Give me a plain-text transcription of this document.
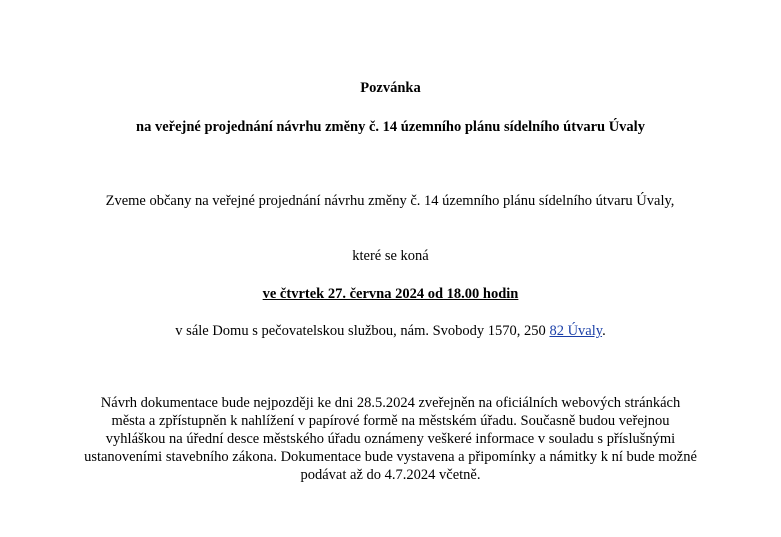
Pozvánka
na veřejné projednání návrhu změny č. 14 územního plánu sídelního útvaru Úvaly
Zveme občany na veřejné projednání návrhu změny č. 14 územního plánu sídelního útvaru Úvaly,
které se koná
ve čtvrtek 27. června 2024 od 18.00 hodin
v sále Domu s pečovatelskou službou, nám. Svobody 1570, 250 82 Úvaly.
Návrh dokumentace bude nejpozději ke dni 28.5.2024 zveřejněn na oficiálních webových stránkách města a zpřístupněn k nahlížení v papírové formě na městském úřadu. Současně budou veřejnou vyhláškou na úřední desce městského úřadu oznámeny veškeré informace v souladu s příslušnými ustanoveními stavebního zákona. Dokumentace bude vystavena a připomínky a námitky k ní bude možné podávat až do 4.7.2024 včetně.
